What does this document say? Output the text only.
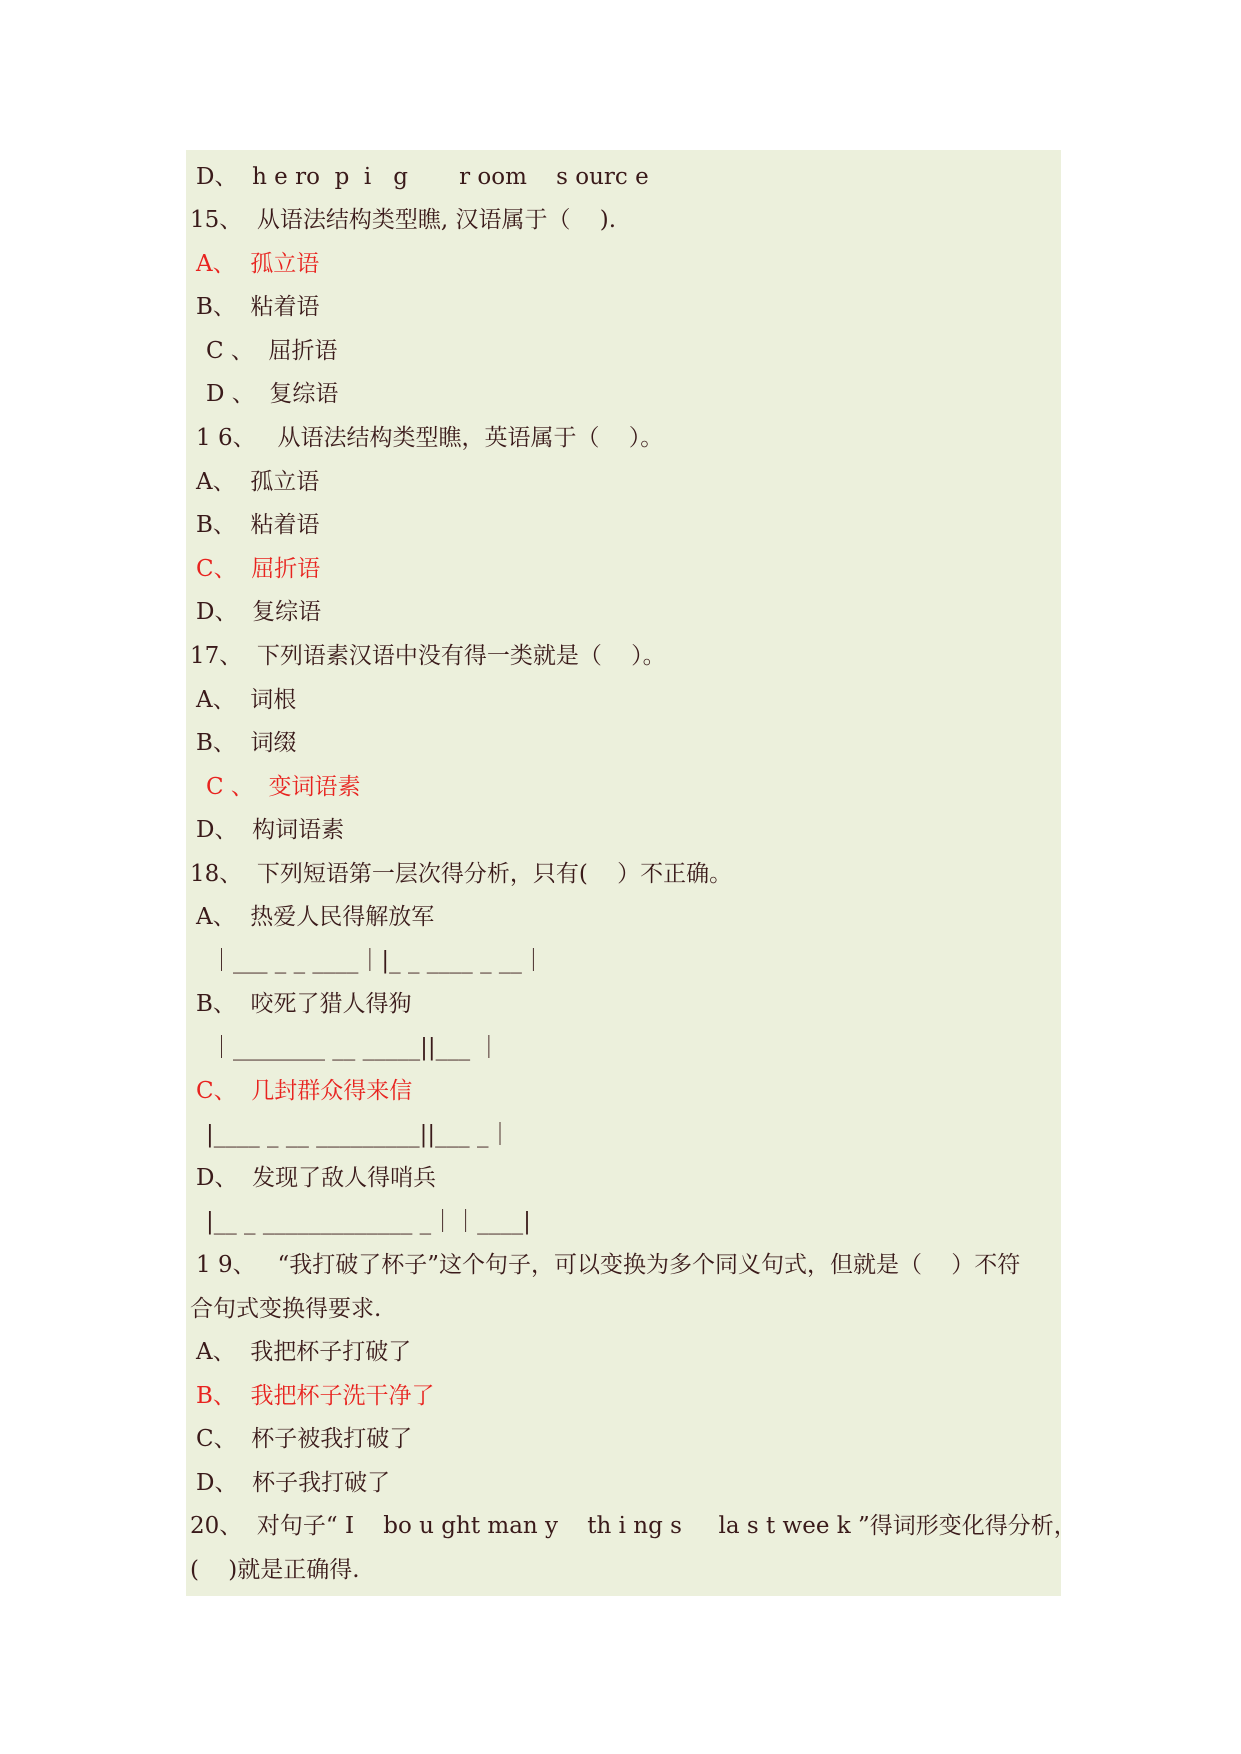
D、  h e ro  p  i   g       r oom    s ourc e
15、  从语法结构类型瞧, 汉语属于（    ).
A、  孤立语
B、  粘着语
C 、  屈折语
D 、  复综语
1 6、   从语法结构类型瞧，英语属于（    ）。
A、  孤立语
B、  粘着语
C、  屈折语
D、  复综语
17、  下列语素汉语中没有得一类就是（    ）。
A、  词根
B、  词缀
C 、  变词语素
D、  构词语素
18、  下列短语第一层次得分析，只有(    ）不正确。
A、  热爱人民得解放军
｜___ _ _ ____｜|_ _ ____ _ __｜
B、  咬死了猎人得狗
｜________ __ _____||___ ｜
C、  几封群众得来信
|____ _ __ _________||___ _｜
D、  发现了敌人得哨兵
|__ _ _____________ _｜｜____|
1 9、   “我打破了杯子”这个句子，可以变换为多个同义句式，但就是（    ）不符
合句式变换得要求.
A、  我把杯子打破了
B、  我把杯子洗干净了
C、  杯子被我打破了
D、  杯子我打破了
20、  对句子“ I    bo u ght man y    th i ng s     la s t wee k ”得词形变化得分析，
(    )就是正确得.
